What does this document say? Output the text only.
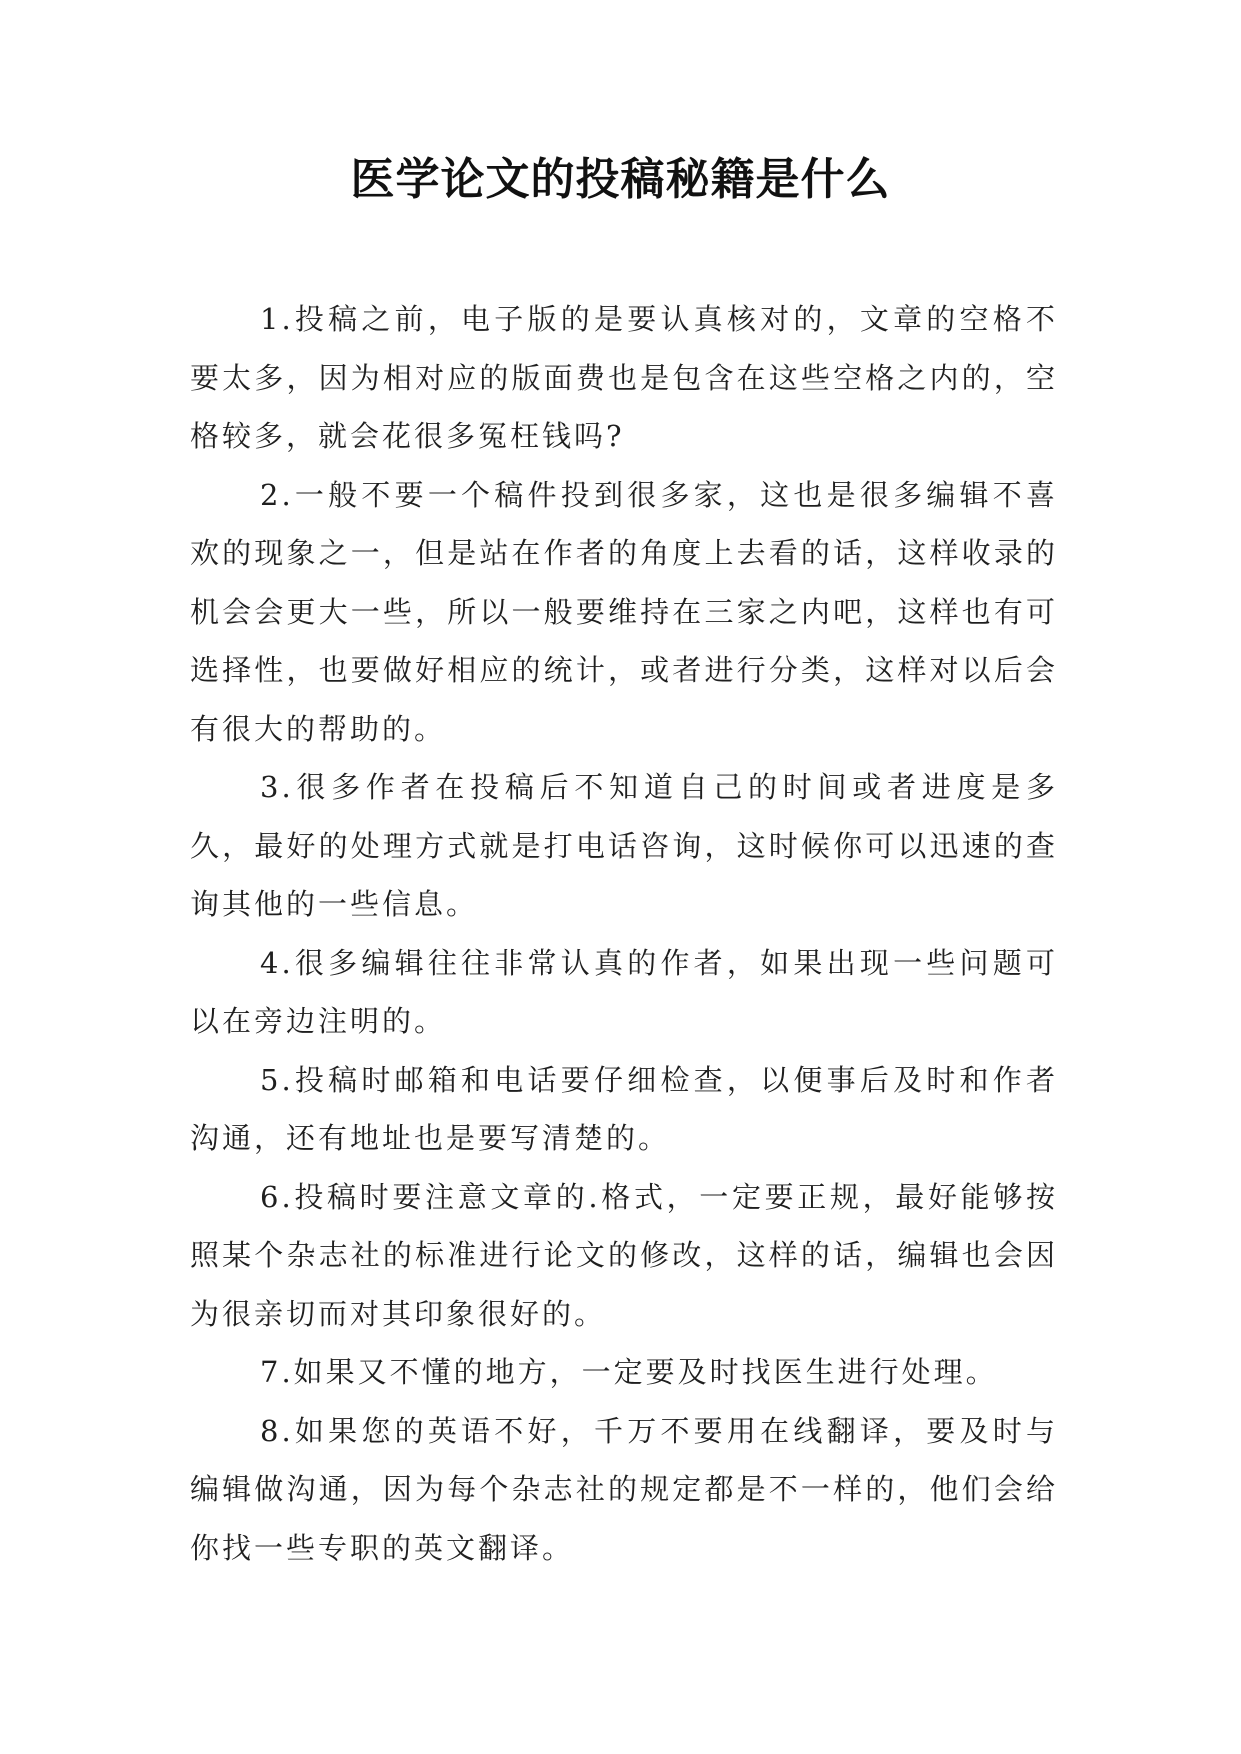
医学论文的投稿秘籍是什么

1.投稿之前，电子版的是要认真核对的，文章的空格不要太多，因为相对应的版面费也是包含在这些空格之内的，空格较多，就会花很多冤枉钱吗?

2.一般不要一个稿件投到很多家，这也是很多编辑不喜欢的现象之一，但是站在作者的角度上去看的话，这样收录的机会会更大一些，所以一般要维持在三家之内吧，这样也有可选择性，也要做好相应的统计，或者进行分类，这样对以后会有很大的帮助的。

3.很多作者在投稿后不知道自己的时间或者进度是多久，最好的处理方式就是打电话咨询，这时候你可以迅速的查询其他的一些信息。

4.很多编辑往往非常认真的作者，如果出现一些问题可以在旁边注明的。

5.投稿时邮箱和电话要仔细检查，以便事后及时和作者沟通，还有地址也是要写清楚的。

6.投稿时要注意文章的.格式，一定要正规，最好能够按照某个杂志社的标准进行论文的修改，这样的话，编辑也会因为很亲切而对其印象很好的。

7.如果又不懂的地方，一定要及时找医生进行处理。

8.如果您的英语不好，千万不要用在线翻译，要及时与编辑做沟通，因为每个杂志社的规定都是不一样的，他们会给你找一些专职的英文翻译。
